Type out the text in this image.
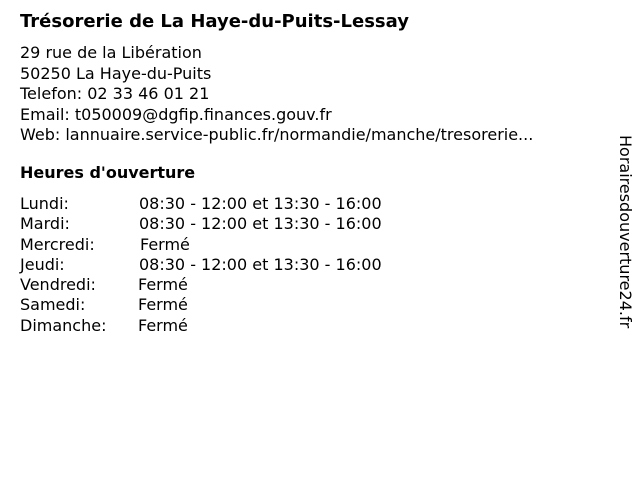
Trésorerie de La Haye-du-Puits-Lessay
29 rue de la Libération
50250 La Haye-du-Puits
Telefon: 02 33 46 01 21
Email: t050009@dgfip.finances.gouv.fr
Web: lannuaire.service-public.fr/normandie/manche/tresorerie...
Heures d'ouverture
Lundi:	08:30 - 12:00 et 13:30 - 16:00
Mardi:	08:30 - 12:00 et 13:30 - 16:00
Mercredi:	Fermé
Jeudi:	08:30 - 12:00 et 13:30 - 16:00
Vendredi:	Fermé
Samedi:	Fermé
Dimanche: Fermé	Horairesdouverture24.fr
